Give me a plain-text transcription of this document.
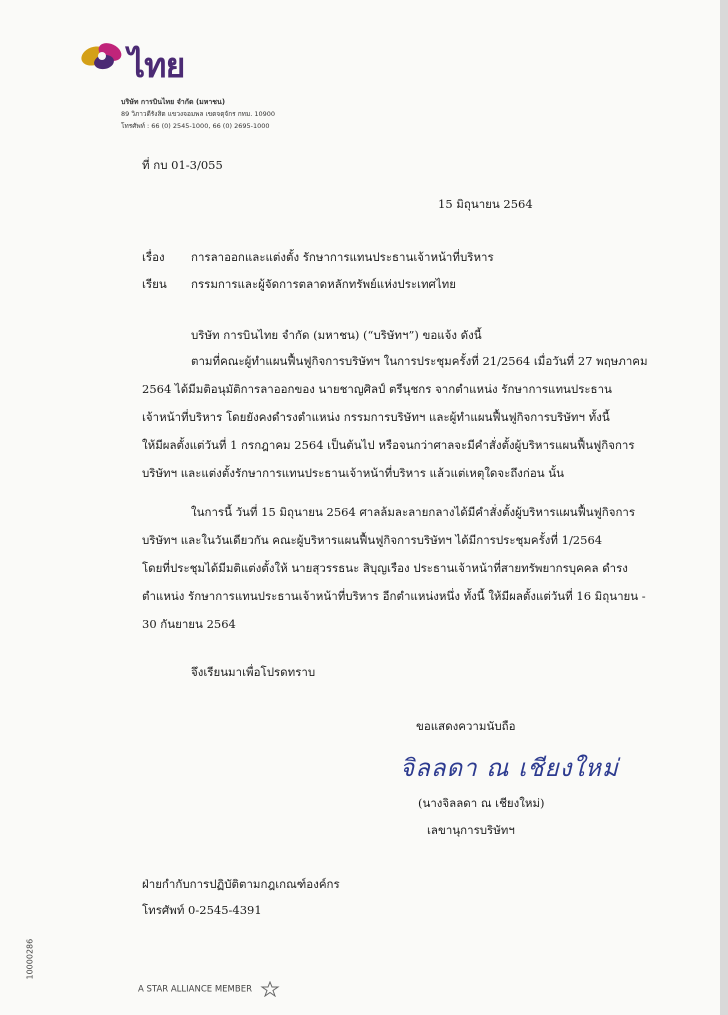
ไทย
บริษัท การบินไทย จำกัด (มหาชน)
89 วิภาวดีรังสิต แขวงจอมพล เขตจตุจักร กทม. 10900
โทรศัพท์ : 66 (0) 2545-1000, 66 (0) 2695-1000
ที่ กบ 01-3/055
15 มิถุนายน 2564
เรื่อง การลาออกและแต่งตั้ง รักษาการแทนประธานเจ้าหน้าที่บริหาร
เรียน กรรมการและผู้จัดการตลาดหลักทรัพย์แห่งประเทศไทย
บริษัท การบินไทย จำกัด (มหาชน) (“บริษัทฯ”) ขอแจ้ง ดังนี้
ตามที่คณะผู้ทำแผนฟื้นฟูกิจการบริษัทฯ ในการประชุมครั้งที่ 21/2564 เมื่อวันที่ 27 พฤษภาคม
2564 ได้มีมติอนุมัติการลาออกของ นายชาญศิลป์ ตรีนุชกร จากตำแหน่ง รักษาการแทนประธาน
เจ้าหน้าที่บริหาร โดยยังคงดำรงตำแหน่ง กรรมการบริษัทฯ และผู้ทำแผนฟื้นฟูกิจการบริษัทฯ ทั้งนี้
ให้มีผลตั้งแต่วันที่ 1 กรกฎาคม 2564 เป็นต้นไป หรือจนกว่าศาลจะมีคำสั่งตั้งผู้บริหารแผนฟื้นฟูกิจการ
บริษัทฯ และแต่งตั้งรักษาการแทนประธานเจ้าหน้าที่บริหาร แล้วแต่เหตุใดจะถึงก่อน นั้น
ในการนี้ วันที่ 15 มิถุนายน 2564 ศาลล้มละลายกลางได้มีคำสั่งตั้งผู้บริหารแผนฟื้นฟูกิจการ
บริษัทฯ และในวันเดียวกัน คณะผู้บริหารแผนฟื้นฟูกิจการบริษัทฯ ได้มีการประชุมครั้งที่ 1/2564
โดยที่ประชุมได้มีมติแต่งตั้งให้ นายสุวรรธนะ สิบุญเรือง ประธานเจ้าหน้าที่สายทรัพยากรบุคคล ดำรง
ตำแหน่ง รักษาการแทนประธานเจ้าหน้าที่บริหาร อีกตำแหน่งหนึ่ง ทั้งนี้ ให้มีผลตั้งแต่วันที่ 16 มิถุนายน -
30 กันยายน 2564
จึงเรียนมาเพื่อโปรดทราบ
ขอแสดงความนับถือ
จิลลดา ณ เชียงใหม่
(นางจิลลดา ณ เชียงใหม่)
เลขานุการบริษัทฯ
ฝ่ายกำกับการปฏิบัติตามกฎเกณฑ์องค์กร
โทรศัพท์ 0-2545-4391
10000286
A STAR ALLIANCE MEMBER
